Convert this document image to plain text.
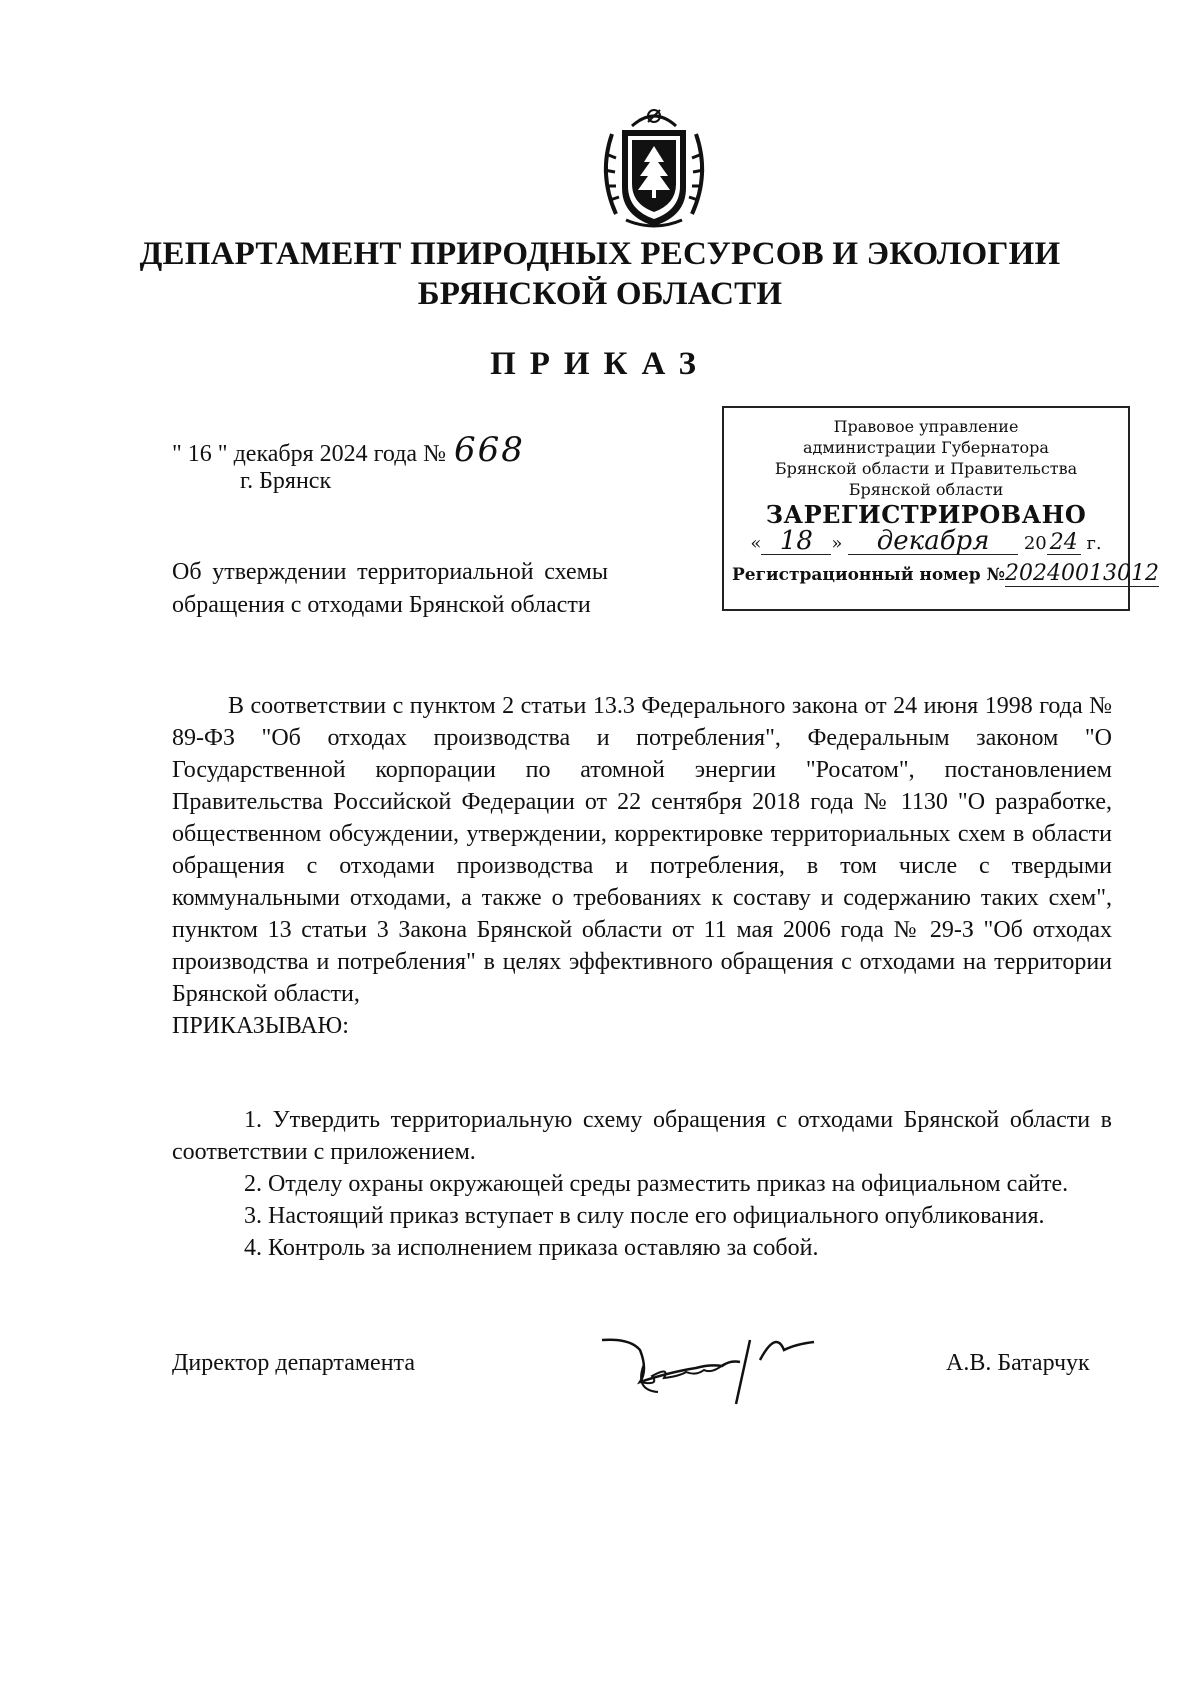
ДЕПАРТАМЕНТ ПРИРОДНЫХ РЕСУРСОВ И ЭКОЛОГИИ
БРЯНСКОЙ ОБЛАСТИ
ПРИКАЗ
" 16 " декабря 2024 года № 668
г. Брянск
Правовое управление
администрации Губернатора
Брянской области и Правительства
Брянской области
ЗАРЕГИСТРИРОВАНО
« 18 » декабря 20 24 г.
Регистрационный номер №20240013012
Об утверждении территориальной схемы обращения с отходами Брянской области

В соответствии с пунктом 2 статьи 13.3 Федерального закона от 24 июня 1998 года № 89-ФЗ "Об отходах производства и потребления", Федеральным законом "О Государственной корпорации по атомной энергии "Росатом", постановлением Правительства Российской Федерации от 22 сентября 2018 года № 1130 "О разработке, общественном обсуждении, утверждении, корректировке территориальных схем в области обращения с отходами производства и потребления, в том числе с твердыми коммунальными отходами, а также о требованиях к составу и содержанию таких схем", пунктом 13 статьи 3 Закона Брянской области от 11 мая 2006 года № 29-З "Об отходах производства и потребления" в целях эффективного обращения с отходами на территории Брянской области,

ПРИКАЗЫВАЮ:

1. Утвердить территориальную схему обращения с отходами Брянской области в соответствии с приложением.

2. Отделу охраны окружающей среды разместить приказ на официальном сайте.

3. Настоящий приказ вступает в силу после его официального опубликования.

4. Контроль за исполнением приказа оставляю за собой.

Директор департамента	А.В. Батарчук
